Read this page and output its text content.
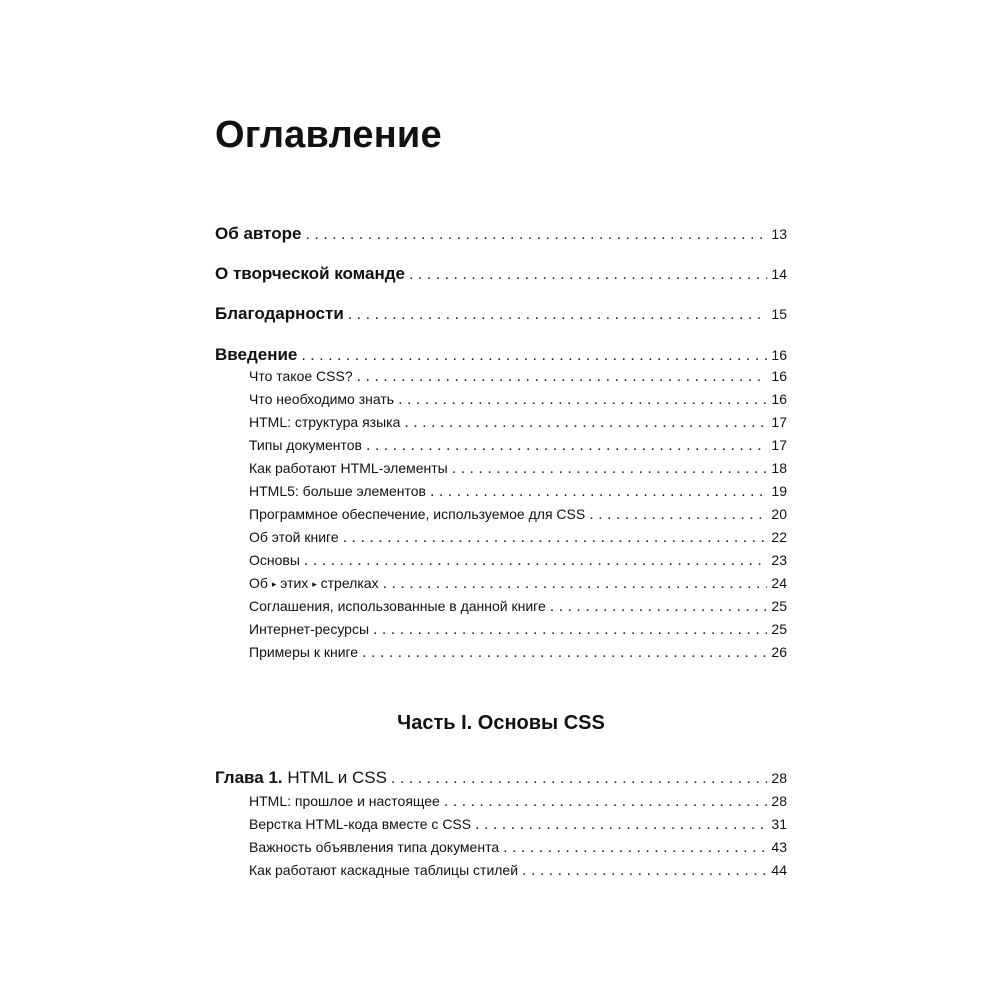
Оглавление
Об авторе . . .	13
О творческой команде . . .	14
Благодарности . . .	15
Введение . . .	16
Что такое CSS? . . .	16
Что необходимо знать . . .	16
HTML: структура языка . . .	17
Типы документов . . .	17
Как работают HTML-элементы . . .	18
HTML5: больше элементов . . .	19
Программное обеспечение, используемое для CSS . . .	20
Об этой книге . . .	22
Основы . . .	23
Об ▸ этих ▸ стрелках . . .	24
Соглашения, использованные в данной книге . . .	25
Интернет-ресурсы . . .	25
Примеры к книге . . .	26
Глава 1. HTML и CSS . . .	28
HTML: прошлое и настоящее . . .	28
Верстка HTML-кода вместе с CSS . . .	31
Важность объявления типа документа . . .	43
Как работают каскадные таблицы стилей . . .	44
Часть I. Основы CSS
